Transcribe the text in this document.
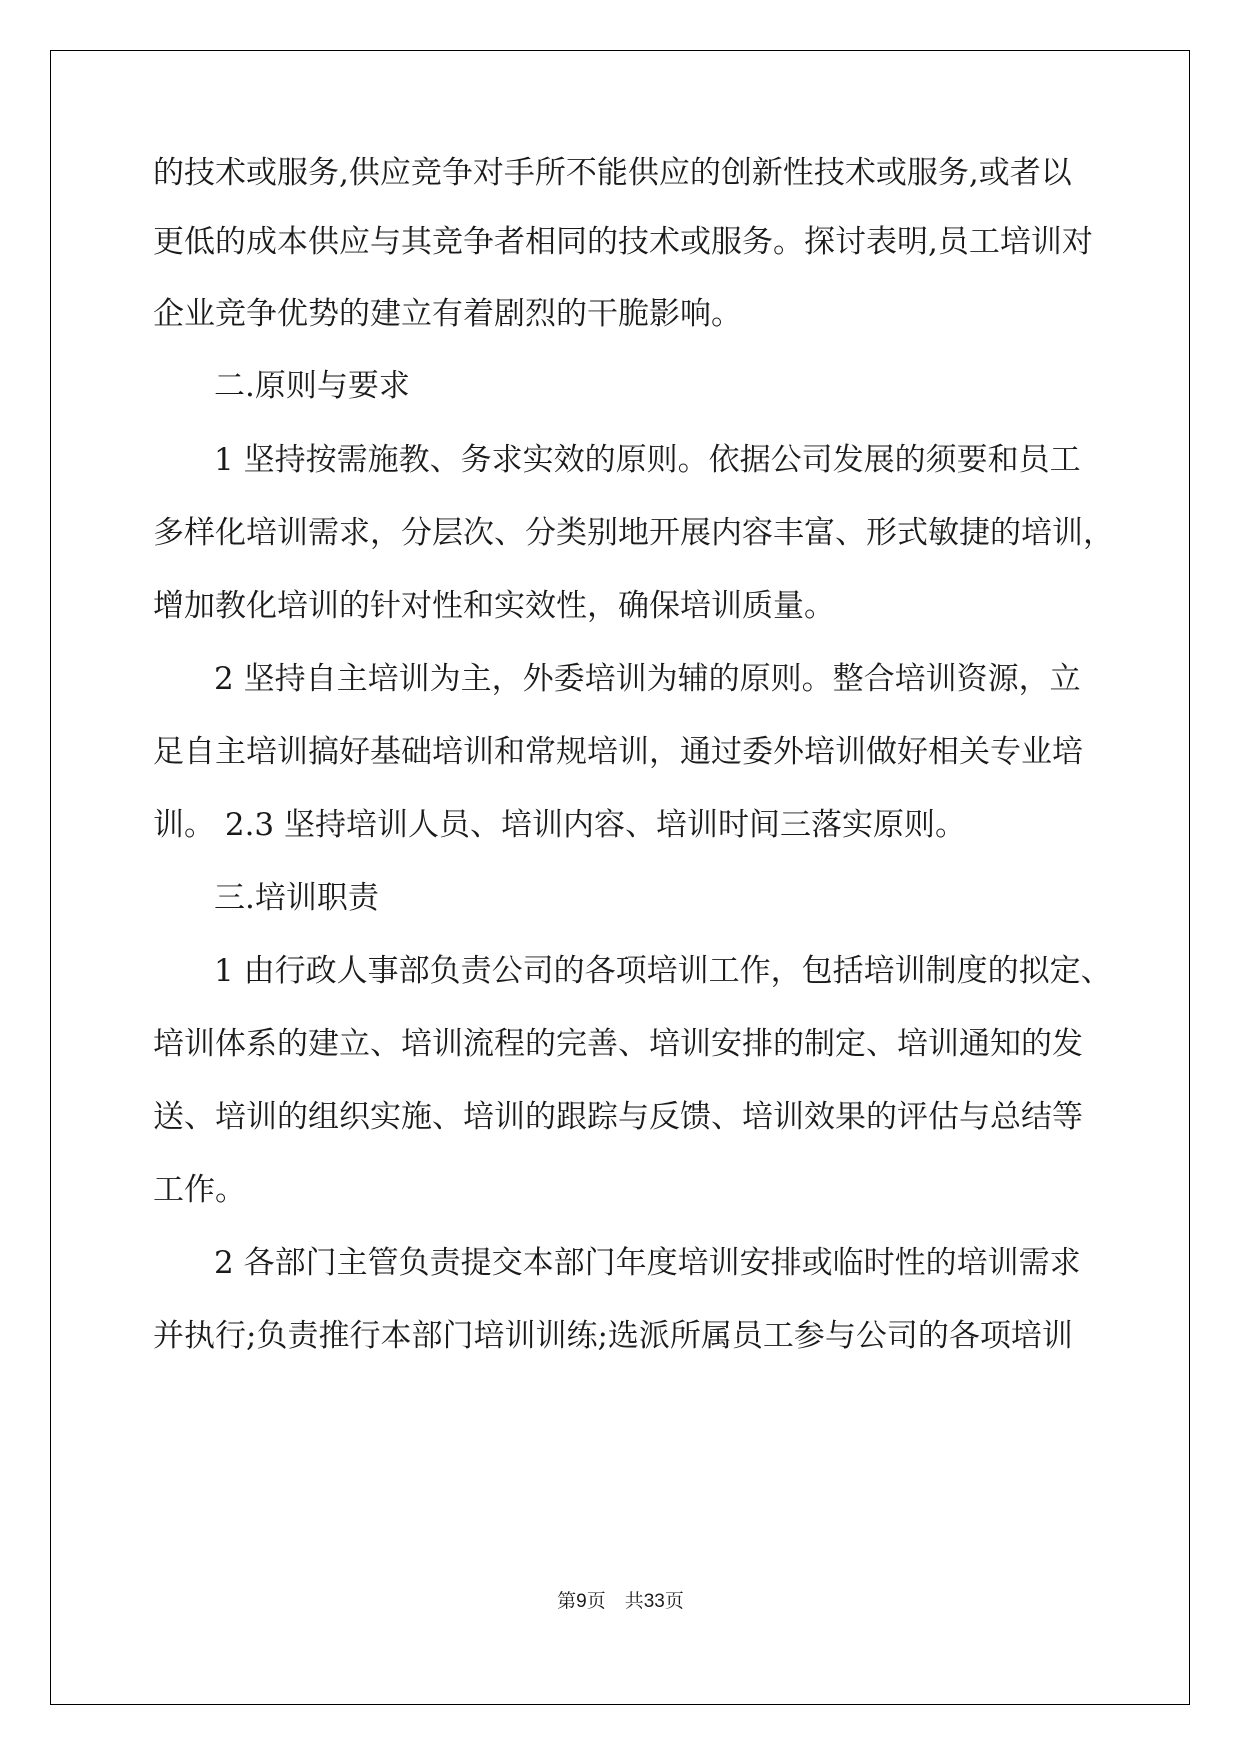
的技术或服务,供应竞争对手所不能供应的创新性技术或服务,或者以
更低的成本供应与其竞争者相同的技术或服务。探讨表明,员工培训对
企业竞争优势的建立有着剧烈的干脆影响。
二.原则与要求
1 坚持按需施教、务求实效的原则。依据公司发展的须要和员工
多样化培训需求，分层次、分类别地开展内容丰富、形式敏捷的培训，
增加教化培训的针对性和实效性，确保培训质量。
2 坚持自主培训为主，外委培训为辅的原则。整合培训资源，立
足自主培训搞好基础培训和常规培训，通过委外培训做好相关专业培
训。 2.3 坚持培训人员、培训内容、培训时间三落实原则。
三.培训职责
1 由行政人事部负责公司的各项培训工作，包括培训制度的拟定、
培训体系的建立、培训流程的完善、培训安排的制定、培训通知的发
送、培训的组织实施、培训的跟踪与反馈、培训效果的评估与总结等
工作。
2 各部门主管负责提交本部门年度培训安排或临时性的培训需求
并执行;负责推行本部门培训训练;选派所属员工参与公司的各项培训
第9页　共33页
